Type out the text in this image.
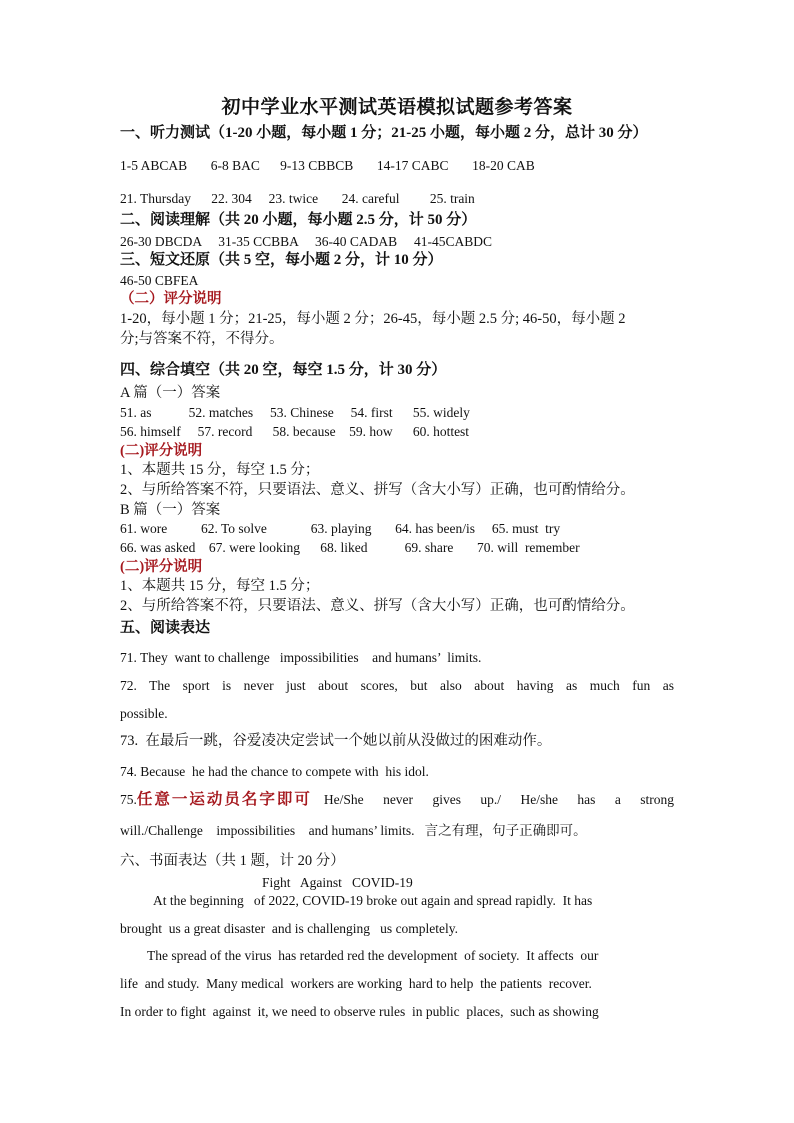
初中学业水平测试英语模拟试题参考答案
一、听力测试（1-20 小题，每小题 1 分；21-25 小题，每小题 2 分，总计 30 分）
1-5 ABCAB       6-8 BAC      9-13 CBBCB       14-17 CABC       18-20 CAB
21. Thursday      22. 304     23. twice       24. careful         25. train
二、阅读理解（共 20 小题，每小题 2.5 分，计 50 分）
26-30 DBCDA     31-35 CCBBA     36-40 CADAB     41-45CABDC
三、短文还原（共 5 空，每小题 2 分，计 10 分）
46-50 CBFEA
（二）评分说明
1-20，每小题 1 分；21-25，每小题 2 分；26-45，每小题 2.5 分; 46-50，每小题 2
分;与答案不符，不得分。
四、综合填空（共 20 空，每空 1.5 分，计 30 分）
A 篇（一）答案
51. as           52. matches     53. Chinese     54. first      55. widely
56. himself     57. record      58. because    59. how      60. hottest
(二)评分说明
1、本题共 15 分，每空 1.5 分；
2、与所给答案不符，只要语法、意义、拼写（含大小写）正确，也可酌情给分。
B 篇（一）答案
61. wore          62. To solve             63. playing       64. has been/is     65. must  try
66. was asked    67. were looking      68. liked           69. share       70. will  remember
(二)评分说明
1、本题共 15 分，每空 1.5 分；
2、与所给答案不符，只要语法、意义、拼写（含大小写）正确，也可酌情给分。
五、阅读表达
71. They  want to challenge   impossibilities    and humans’  limits.
72. The sport is never just about scores, but also about having as much fun as
possible.
73.  在最后一跳，谷爱凌决定尝试一个她以前从没做过的困难动作。
74. Because  he had the chance to compete with  his idol.
75. 任意一运动员名字即可 He/She never gives up./ He/she has a strong
will./Challenge    impossibilities    and humans’ limits.   言之有理，句子正确即可。
六、书面表达（共 1 题，计 20 分）
Fight   Against   COVID-19
At the beginning   of 2022, COVID-19 broke out again and spread rapidly.  It has
brought  us a great disaster  and is challenging   us completely.
The spread of the virus  has retarded red the development  of society.  It affects  our
life  and study.  Many medical  workers are working  hard to help  the patients  recover.
In order to fight  against  it, we need to observe rules  in public  places,  such as showing
